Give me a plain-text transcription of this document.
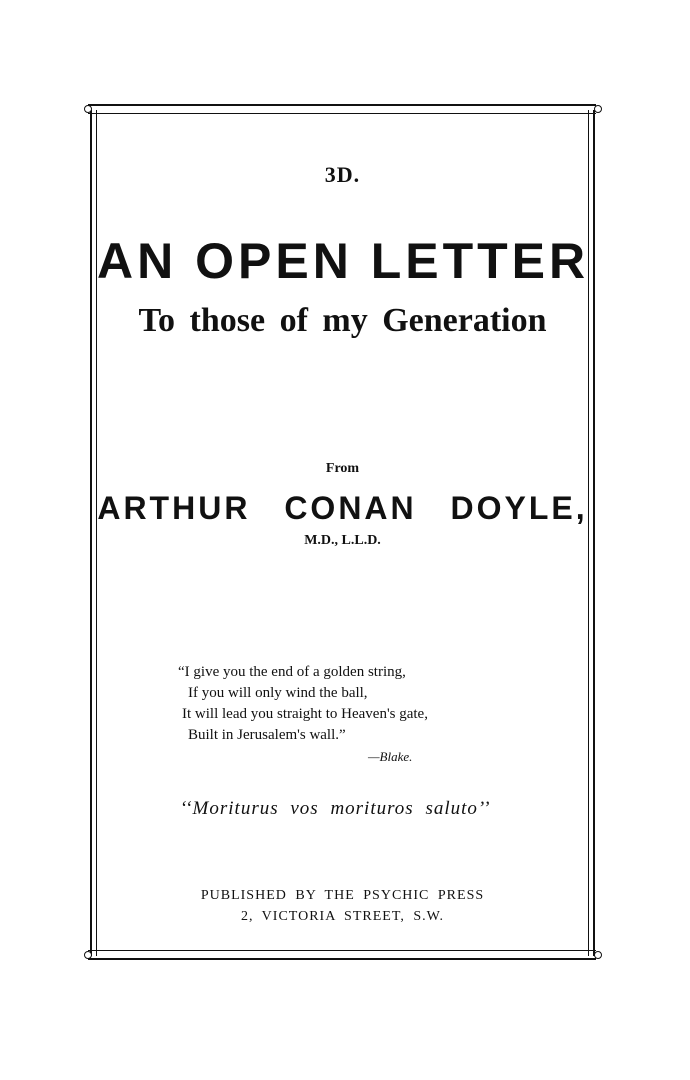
3D.
AN OPEN LETTER
To those of my Generation
From
ARTHUR CONAN DOYLE,
M.D., L.L.D.
“I give you the end of a golden string,
If you will only wind the ball,
It will lead you straight to Heaven's gate,
Built in Jerusalem's wall.”
—Blake.
‘‘Moriturus vos morituros saluto’’
PUBLISHED BY THE PSYCHIC PRESS
2, VICTORIA STREET, S.W.
